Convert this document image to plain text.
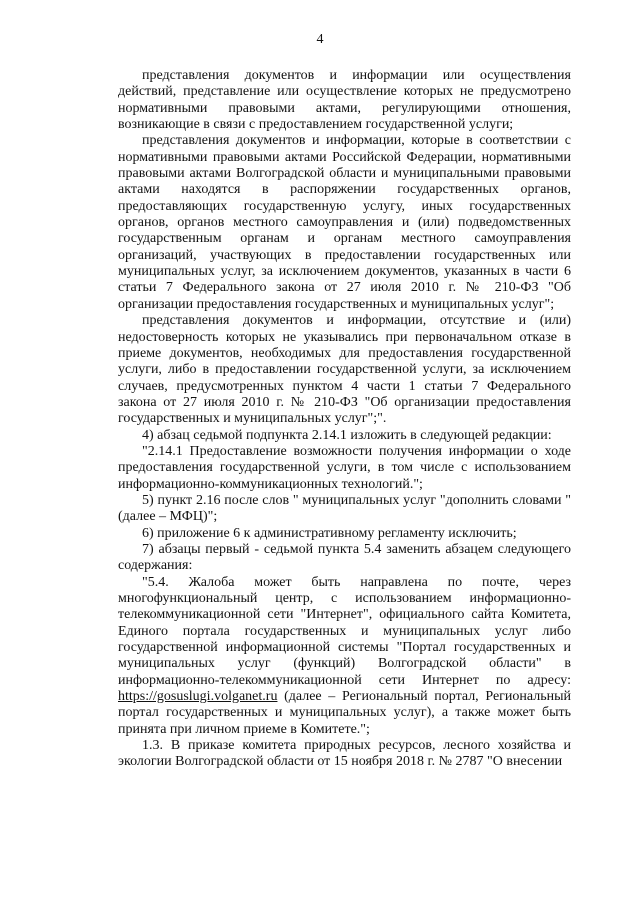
4

представления документов и информации или осуществления действий, представление или осуществление которых не предусмотрено нормативными правовыми актами, регулирующими отношения, возникающие в связи с предоставлением государственной услуги;

представления документов и информации, которые в соответствии с нормативными правовыми актами Российской Федерации, нормативными правовыми актами Волгоградской области и муниципальными правовыми актами находятся в распоряжении государственных органов, предоставляющих государственную услугу, иных государственных органов, органов местного самоуправления и (или) подведомственных государственным органам и органам местного самоуправления организаций, участвующих в предоставлении государственных или муниципальных услуг, за исключением документов, указанных в части 6 статьи 7 Федерального закона от 27 июля 2010 г. № 210-ФЗ "Об организации предоставления государственных и муниципальных услуг";

представления документов и информации, отсутствие и (или) недостоверность которых не указывались при первоначальном отказе в приеме документов, необходимых для предоставления государственной услуги, либо в предоставлении государственной услуги, за исключением случаев, предусмотренных пунктом 4 части 1 статьи 7 Федерального закона от 27 июля 2010 г. № 210-ФЗ "Об организации предоставления государственных и муниципальных услуг";".

4) абзац седьмой подпункта 2.14.1 изложить в следующей редакции:

"2.14.1 Предоставление возможности получения информации о ходе предоставления государственной услуги, в том числе с использованием информационно-коммуникационных технологий.";

5) пункт 2.16 после слов " муниципальных услуг "дополнить словами "(далее – МФЦ)";

6) приложение 6 к административному регламенту исключить;

7) абзацы первый - седьмой пункта 5.4 заменить абзацем следующего содержания:

"5.4. Жалоба может быть направлена по почте, через многофункциональный центр, с использованием информационно-телекоммуникационной сети "Интернет", официального сайта Комитета, Единого портала государственных и муниципальных услуг либо государственной информационной системы "Портал государственных и муниципальных услуг (функций) Волгоградской области" в информационно-телекоммуникационной сети Интернет по адресу: https://gosuslugi.volganet.ru (далее – Региональный портал, Региональный портал государственных и муниципальных услуг), а также может быть принята при личном приеме в Комитете.";

1.3. В приказе комитета природных ресурсов, лесного хозяйства и экологии Волгоградской области от 15 ноября 2018 г. № 2787 "О внесении
